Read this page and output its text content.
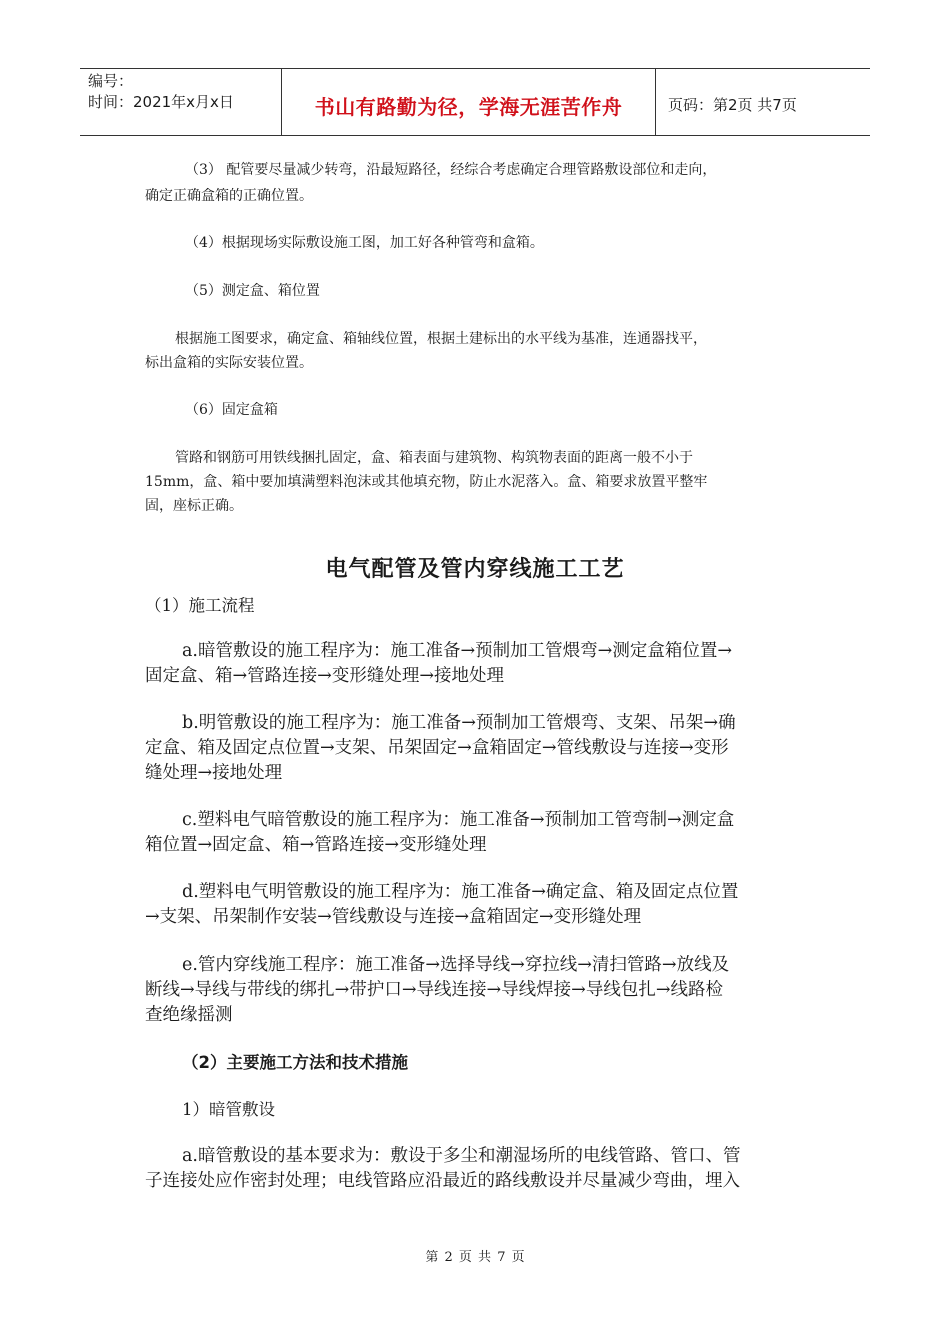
编号：
时间：2021年x月x日	书山有路勤为径，学海无涯苦作舟	页码：第2页 共7页

（3） 配管要尽量减少转弯，沿最短路径，经综合考虑确定合理管路敷设部位和走向，

确定正确盒箱的正确位置。

（4）根据现场实际敷设施工图，加工好各种管弯和盒箱。

（5）测定盒、箱位置

根据施工图要求，确定盒、箱轴线位置，根据土建标出的水平线为基准，连通器找平，

标出盒箱的实际安装位置。

（6）固定盒箱

管路和钢筋可用铁线捆扎固定，盒、箱表面与建筑物、构筑物表面的距离一般不小于

15mm，盒、箱中要加填满塑料泡沫或其他填充物，防止水泥落入。盒、箱要求放置平整牢

固，座标正确。

电气配管及管内穿线施工工艺

（1）施工流程

a.暗管敷设的施工程序为：施工准备→预制加工管煨弯→测定盒箱位置→

固定盒、箱→管路连接→变形缝处理→接地处理

b.明管敷设的施工程序为：施工准备→预制加工管煨弯、支架、吊架→确

定盒、箱及固定点位置→支架、吊架固定→盒箱固定→管线敷设与连接→变形

缝处理→接地处理

c.塑料电气暗管敷设的施工程序为：施工准备→预制加工管弯制→测定盒

箱位置→固定盒、箱→管路连接→变形缝处理

d.塑料电气明管敷设的施工程序为：施工准备→确定盒、箱及固定点位置

→支架、吊架制作安装→管线敷设与连接→盒箱固定→变形缝处理

e.管内穿线施工程序：施工准备→选择导线→穿拉线→清扫管路→放线及

断线→导线与带线的绑扎→带护口→导线连接→导线焊接→导线包扎→线路检

查绝缘摇测

（2）主要施工方法和技术措施

1）暗管敷设

a.暗管敷设的基本要求为：敷设于多尘和潮湿场所的电线管路、管口、管

子连接处应作密封处理；电线管路应沿最近的路线敷设并尽量减少弯曲，埋入

第 2 页 共 7 页
